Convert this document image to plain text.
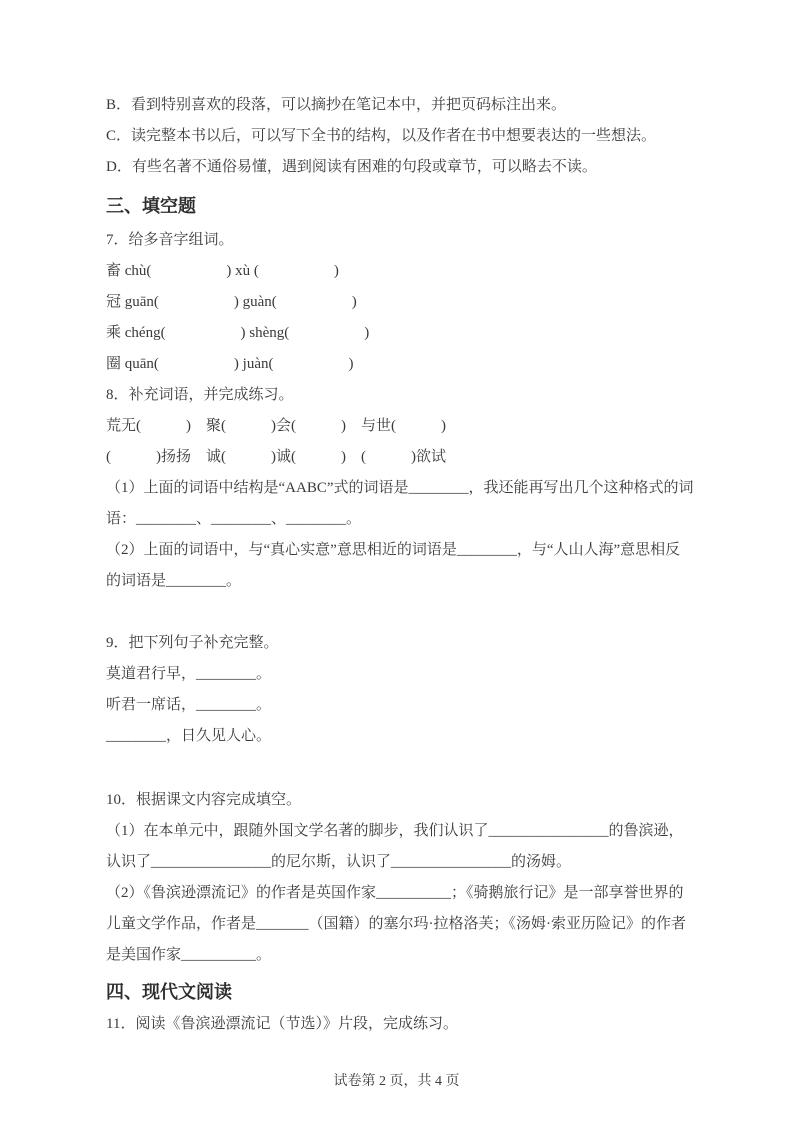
B．看到特别喜欢的段落，可以摘抄在笔记本中，并把页码标注出来。
C．读完整本书以后，可以写下全书的结构，以及作者在书中想要表达的一些想法。
D．有些名著不通俗易懂，遇到阅读有困难的句段或章节，可以略去不读。
三、填空题
7．给多音字组词。
畜 chù(　　　　　) xù (　　　　　)
冠 guān(　　　　　) guàn(　　　　　)
乘 chéng(　　　　　) shèng(　　　　　)
圈 quān(　　　　　) juàn(　　　　　)
8．补充词语，并完成练习。
荒无(　　　)　聚(　　　)会(　　　)　与世(　　　)
(　　　)扬扬　诚(　　　)诚(　　　)　(　　　)欲试
（1）上面的词语中结构是“AABC”式的词语是________，我还能再写出几个这种格式的词
语：________、________、________。
（2）上面的词语中，与“真心实意”意思相近的词语是________，与“人山人海”意思相反
的词语是________。
9．把下列句子补充完整。
莫道君行早，________。
听君一席话，________。
________，日久见人心。
10．根据课文内容完成填空。
（1）在本单元中，跟随外国文学名著的脚步，我们认识了________________的鲁滨逊，
认识了________________的尼尔斯，认识了________________的汤姆。
（2）《鲁滨逊漂流记》的作者是英国作家__________；《骑鹅旅行记》是一部享誉世界的
儿童文学作品，作者是_______（国籍）的塞尔玛·拉格洛芙；《汤姆·索亚历险记》的作者
是美国作家__________。
四、现代文阅读
11．阅读《鲁滨逊漂流记（节选）》片段，完成练习。
试卷第 2 页，共 4 页
